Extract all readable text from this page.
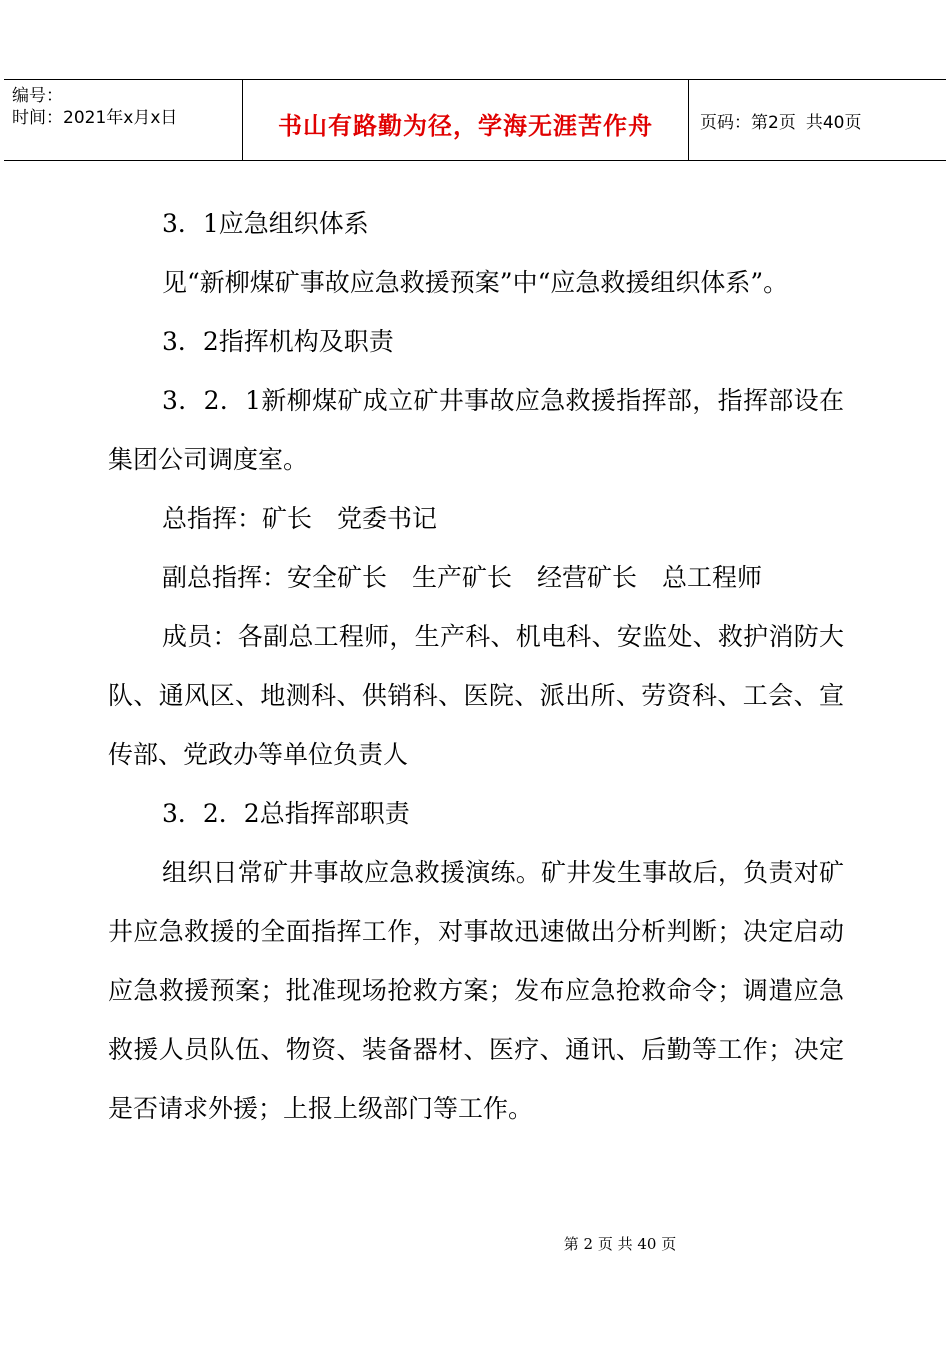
编号：
时间：2021年x月x日	书山有路勤为径，学海无涯苦作舟	页码：第2页 共40页

3．1应急组织体系

见“新柳煤矿事故应急救援预案”中“应急救援组织体系”。

3．2指挥机构及职责

3．2．1新柳煤矿成立矿井事故应急救援指挥部，指挥部设在集团公司调度室。

总指挥：矿长　党委书记

副总指挥：安全矿长　生产矿长　经营矿长　总工程师

成员：各副总工程师，生产科、机电科、安监处、救护消防大队、通风区、地测科、供销科、医院、派出所、劳资科、工会、宣传部、党政办等单位负责人

3．2．2总指挥部职责

组织日常矿井事故应急救援演练。矿井发生事故后，负责对矿井应急救援的全面指挥工作，对事故迅速做出分析判断；决定启动应急救援预案；批准现场抢救方案；发布应急抢救命令；调遣应急救援人员队伍、物资、装备器材、医疗、通讯、后勤等工作；决定是否请求外援；上报上级部门等工作。

第 2 页 共 40 页
